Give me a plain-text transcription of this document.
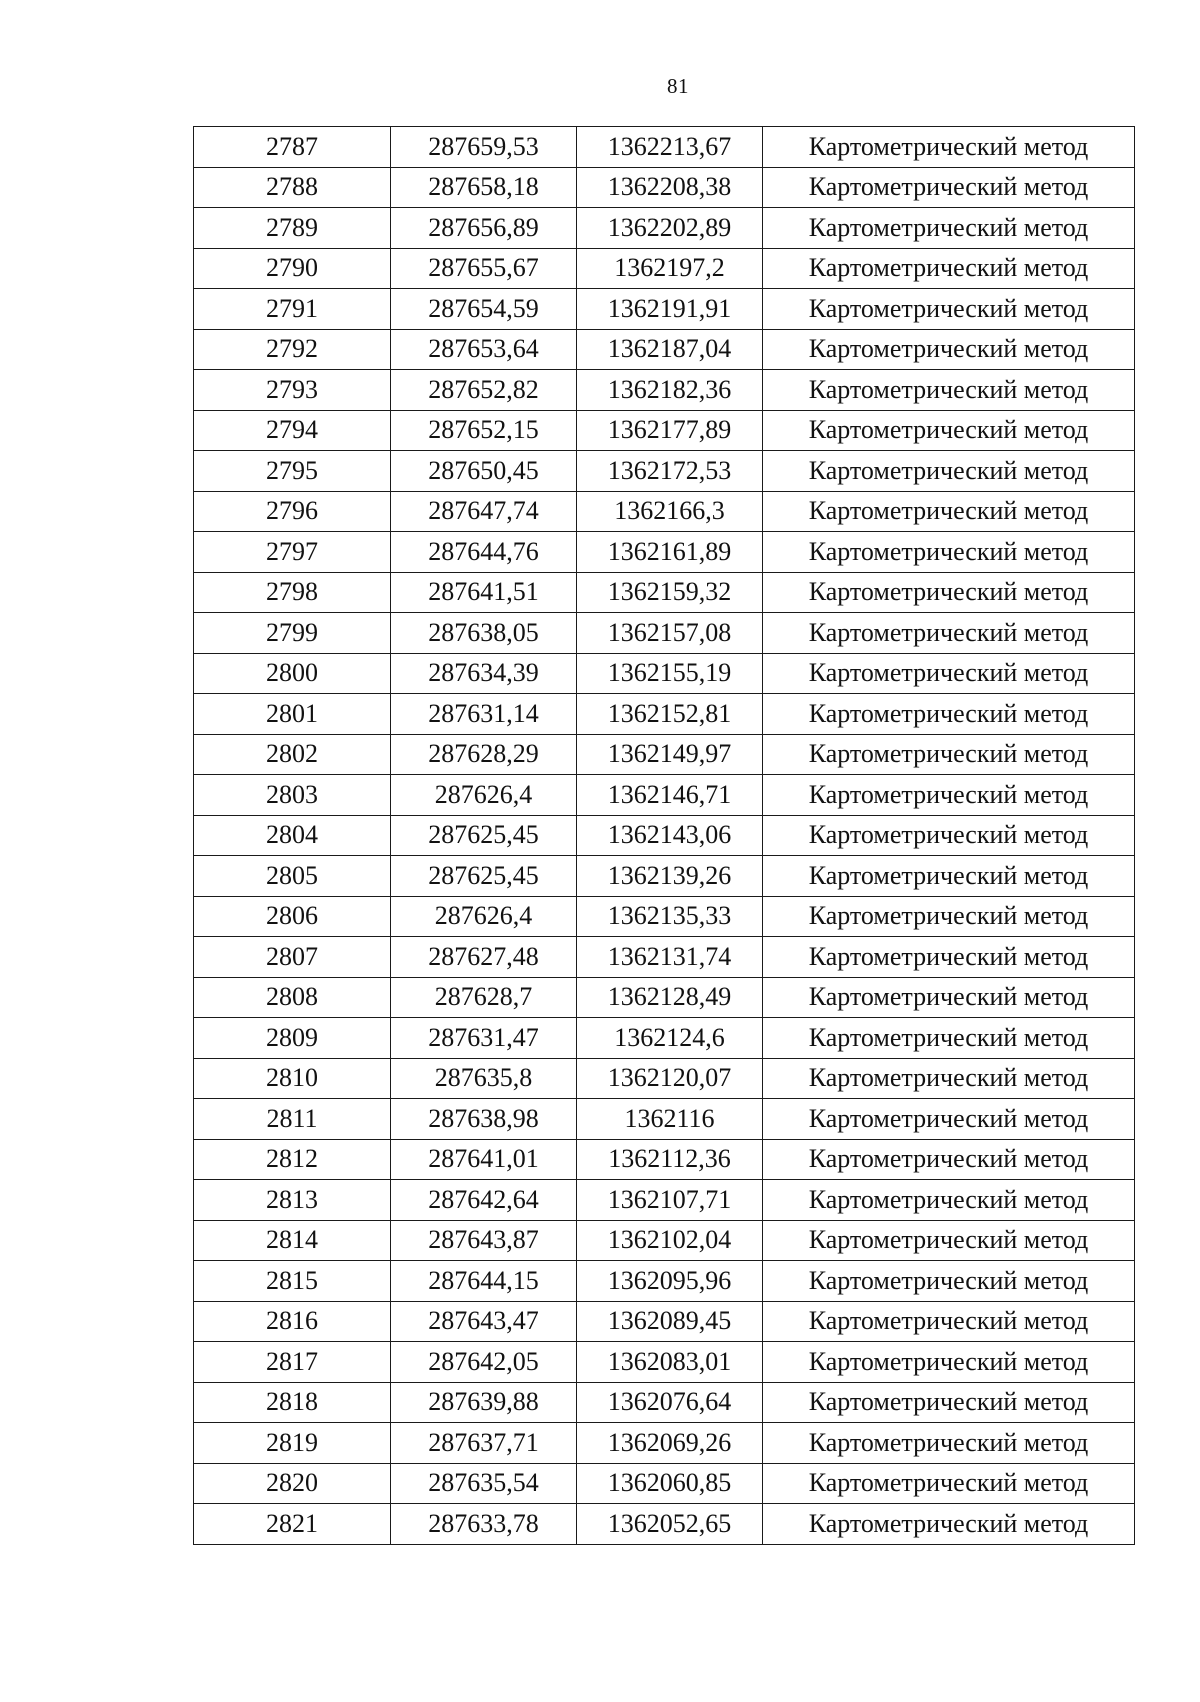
81
2787	287659,53	1362213,67	Картометрический метод
2788	287658,18	1362208,38	Картометрический метод
2789	287656,89	1362202,89	Картометрический метод
2790	287655,67	1362197,2	Картометрический метод
2791	287654,59	1362191,91	Картометрический метод
2792	287653,64	1362187,04	Картометрический метод
2793	287652,82	1362182,36	Картометрический метод
2794	287652,15	1362177,89	Картометрический метод
2795	287650,45	1362172,53	Картометрический метод
2796	287647,74	1362166,3	Картометрический метод
2797	287644,76	1362161,89	Картометрический метод
2798	287641,51	1362159,32	Картометрический метод
2799	287638,05	1362157,08	Картометрический метод
2800	287634,39	1362155,19	Картометрический метод
2801	287631,14	1362152,81	Картометрический метод
2802	287628,29	1362149,97	Картометрический метод
2803	287626,4	1362146,71	Картометрический метод
2804	287625,45	1362143,06	Картометрический метод
2805	287625,45	1362139,26	Картометрический метод
2806	287626,4	1362135,33	Картометрический метод
2807	287627,48	1362131,74	Картометрический метод
2808	287628,7	1362128,49	Картометрический метод
2809	287631,47	1362124,6	Картометрический метод
2810	287635,8	1362120,07	Картометрический метод
2811	287638,98	1362116	Картометрический метод
2812	287641,01	1362112,36	Картометрический метод
2813	287642,64	1362107,71	Картометрический метод
2814	287643,87	1362102,04	Картометрический метод
2815	287644,15	1362095,96	Картометрический метод
2816	287643,47	1362089,45	Картометрический метод
2817	287642,05	1362083,01	Картометрический метод
2818	287639,88	1362076,64	Картометрический метод
2819	287637,71	1362069,26	Картометрический метод
2820	287635,54	1362060,85	Картометрический метод
2821	287633,78	1362052,65	Картометрический метод
